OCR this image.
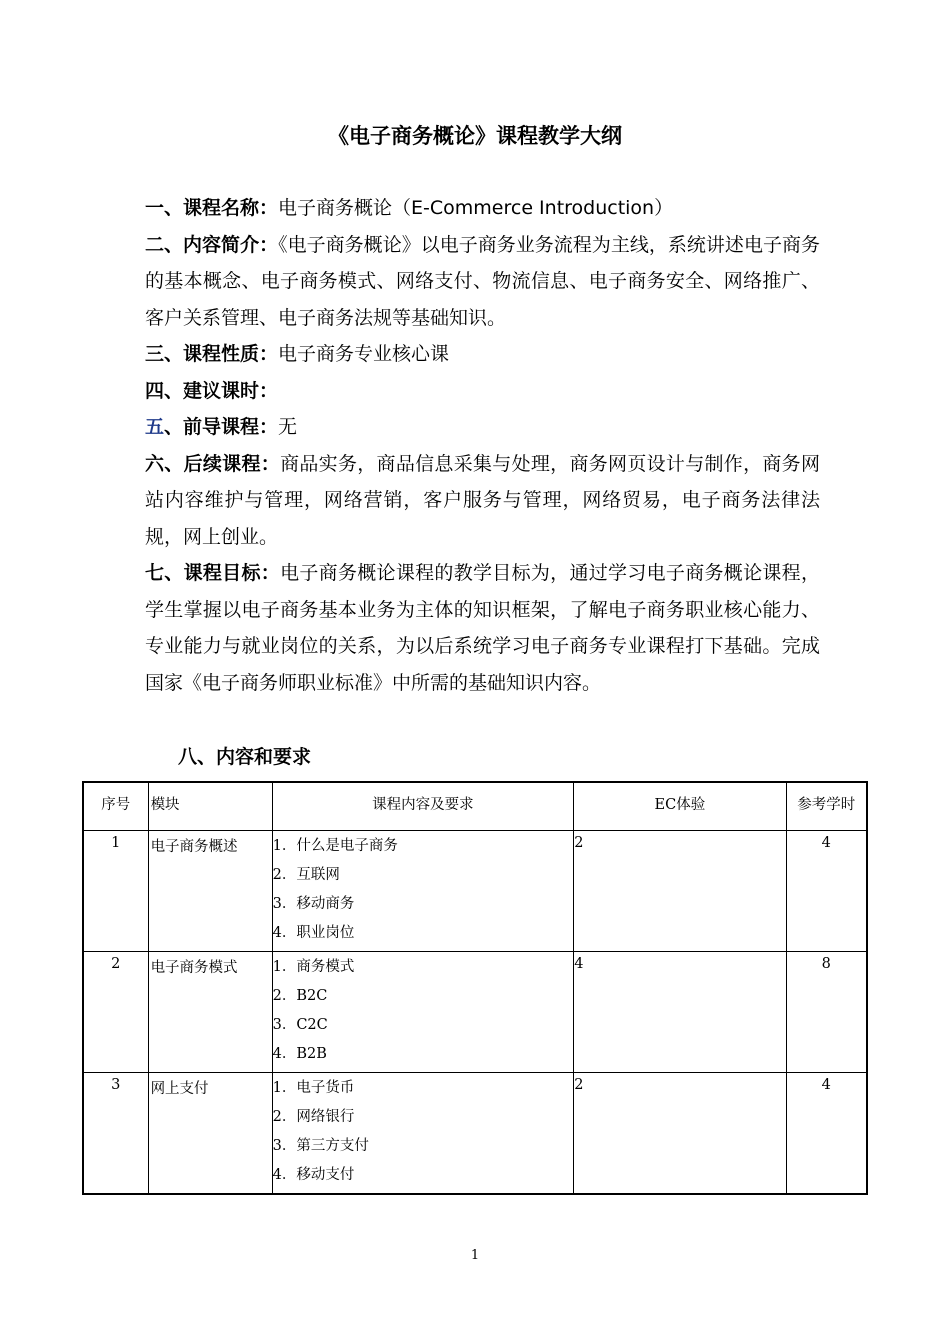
《电子商务概论》课程教学大纲

一、课程名称：电子商务概论（E-Commerce Introduction）

二、内容简介：《电子商务概论》以电子商务业务流程为主线，系统讲述电子商务的基本概念、电子商务模式、网络支付、物流信息、电子商务安全、网络推广、客户关系管理、电子商务法规等基础知识。

三、课程性质：电子商务专业核心课

四、建议课时：

五、前导课程：无

六、后续课程：商品实务，商品信息采集与处理，商务网页设计与制作，商务网站内容维护与管理，网络营销，客户服务与管理，网络贸易，电子商务法律法规，网上创业。

七、课程目标：电子商务概论课程的教学目标为，通过学习电子商务概论课程，学生掌握以电子商务基本业务为主体的知识框架，了解电子商务职业核心能力、专业能力与就业岗位的关系，为以后系统学习电子商务专业课程打下基础。完成国家《电子商务师职业标准》中所需的基础知识内容。

八、内容和要求
序号	模块	课程内容及要求	EC体验	参考学时
1	电子商务概述	1．什么是电子商务
2．互联网
3．移动商务
4．职业岗位	2	4
2	电子商务模式	1．商务模式
2．B2C
3．C2C
4．B2B	4	8
3	网上支付	1．电子货币
2．网络银行
3．第三方支付
4．移动支付	2	4
1
